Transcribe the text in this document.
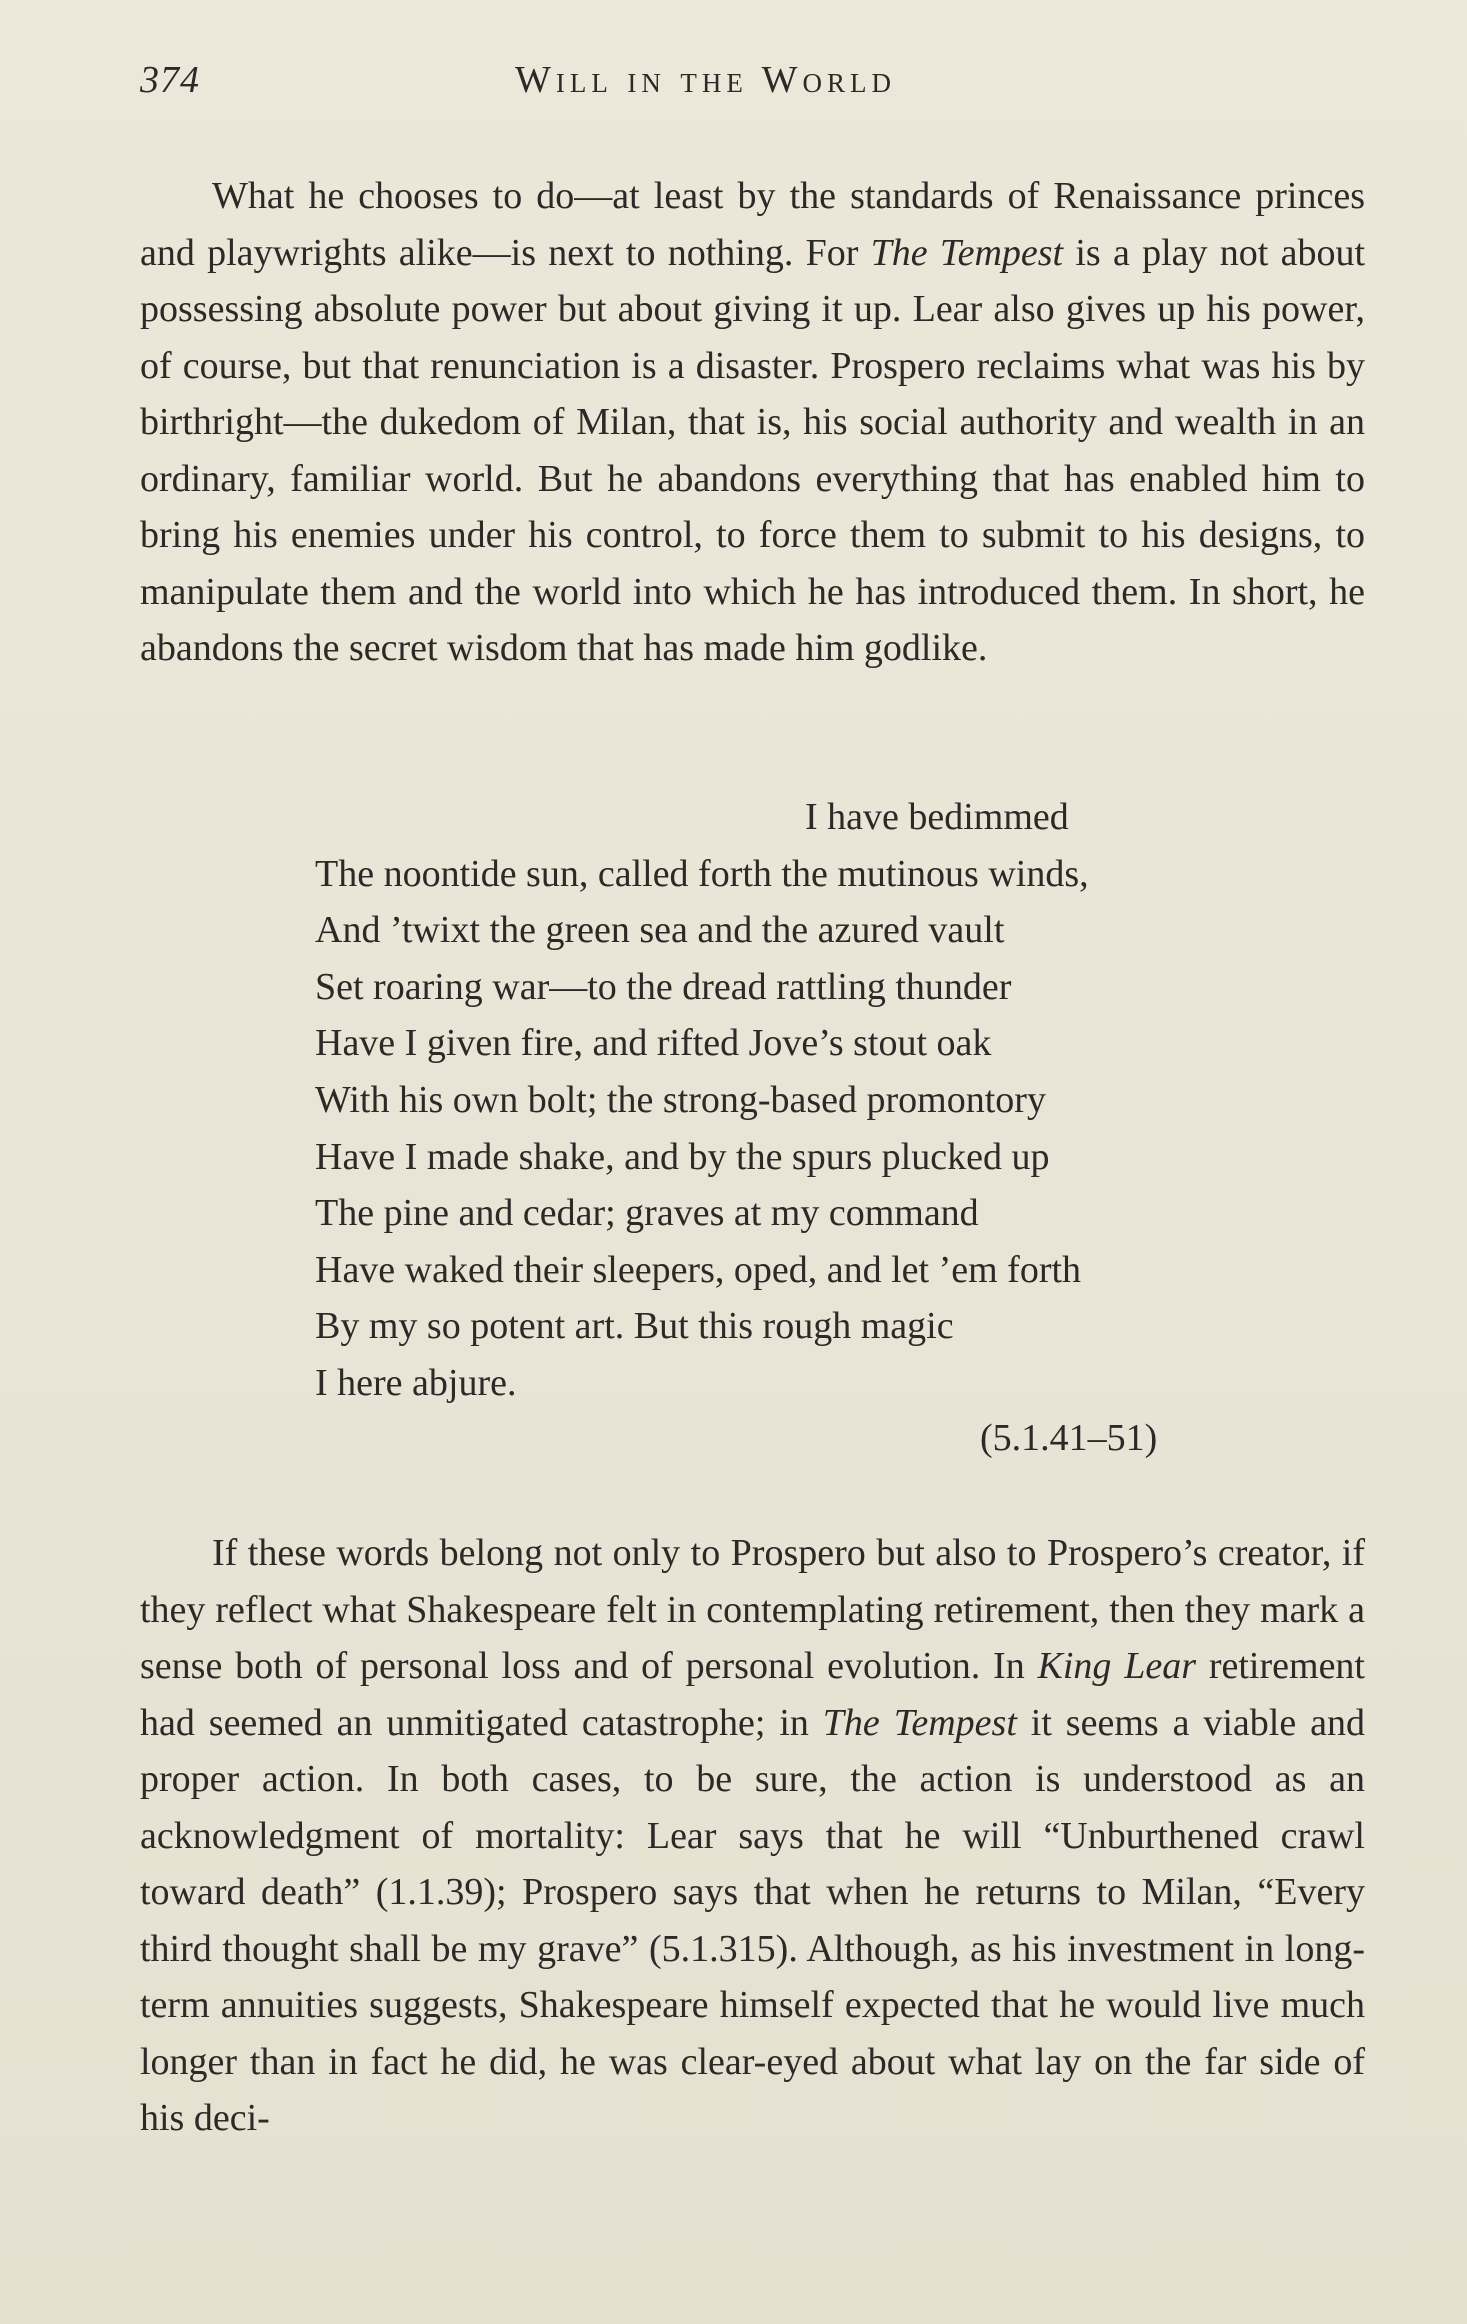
374	Will in the World

What he chooses to do—at least by the standards of Renaissance princes and playwrights alike—is next to nothing. For The Tempest is a play not about possessing absolute power but about giving it up. Lear also gives up his power, of course, but that renunciation is a disaster. Prospero reclaims what was his by birthright—the dukedom of Milan, that is, his social authority and wealth in an ordinary, familiar world. But he abandons everything that has enabled him to bring his enemies under his control, to force them to submit to his designs, to manipulate them and the world into which he has introduced them. In short, he abandons the secret wisdom that has made him godlike.

I have bedimmed
The noontide sun, called forth the mutinous winds,
And ’twixt the green sea and the azured vault
Set roaring war—to the dread rattling thunder
Have I given fire, and rifted Jove’s stout oak
With his own bolt; the strong-based promontory
Have I made shake, and by the spurs plucked up
The pine and cedar; graves at my command
Have waked their sleepers, oped, and let ’em forth
By my so potent art. But this rough magic
I here abjure.
(5.1.41–51)

If these words belong not only to Prospero but also to Prospero’s creator, if they reflect what Shakespeare felt in contemplating retirement, then they mark a sense both of personal loss and of personal evolution. In King Lear retirement had seemed an unmitigated catastrophe; in The Tempest it seems a viable and proper action. In both cases, to be sure, the action is understood as an acknowledgment of mortality: Lear says that he will “Unburthened crawl toward death” (1.1.39); Prospero says that when he returns to Milan, “Every third thought shall be my grave” (5.1.315). Although, as his investment in long-term annuities suggests, Shakespeare himself expected that he would live much longer than in fact he did, he was clear-eyed about what lay on the far side of his deci-
